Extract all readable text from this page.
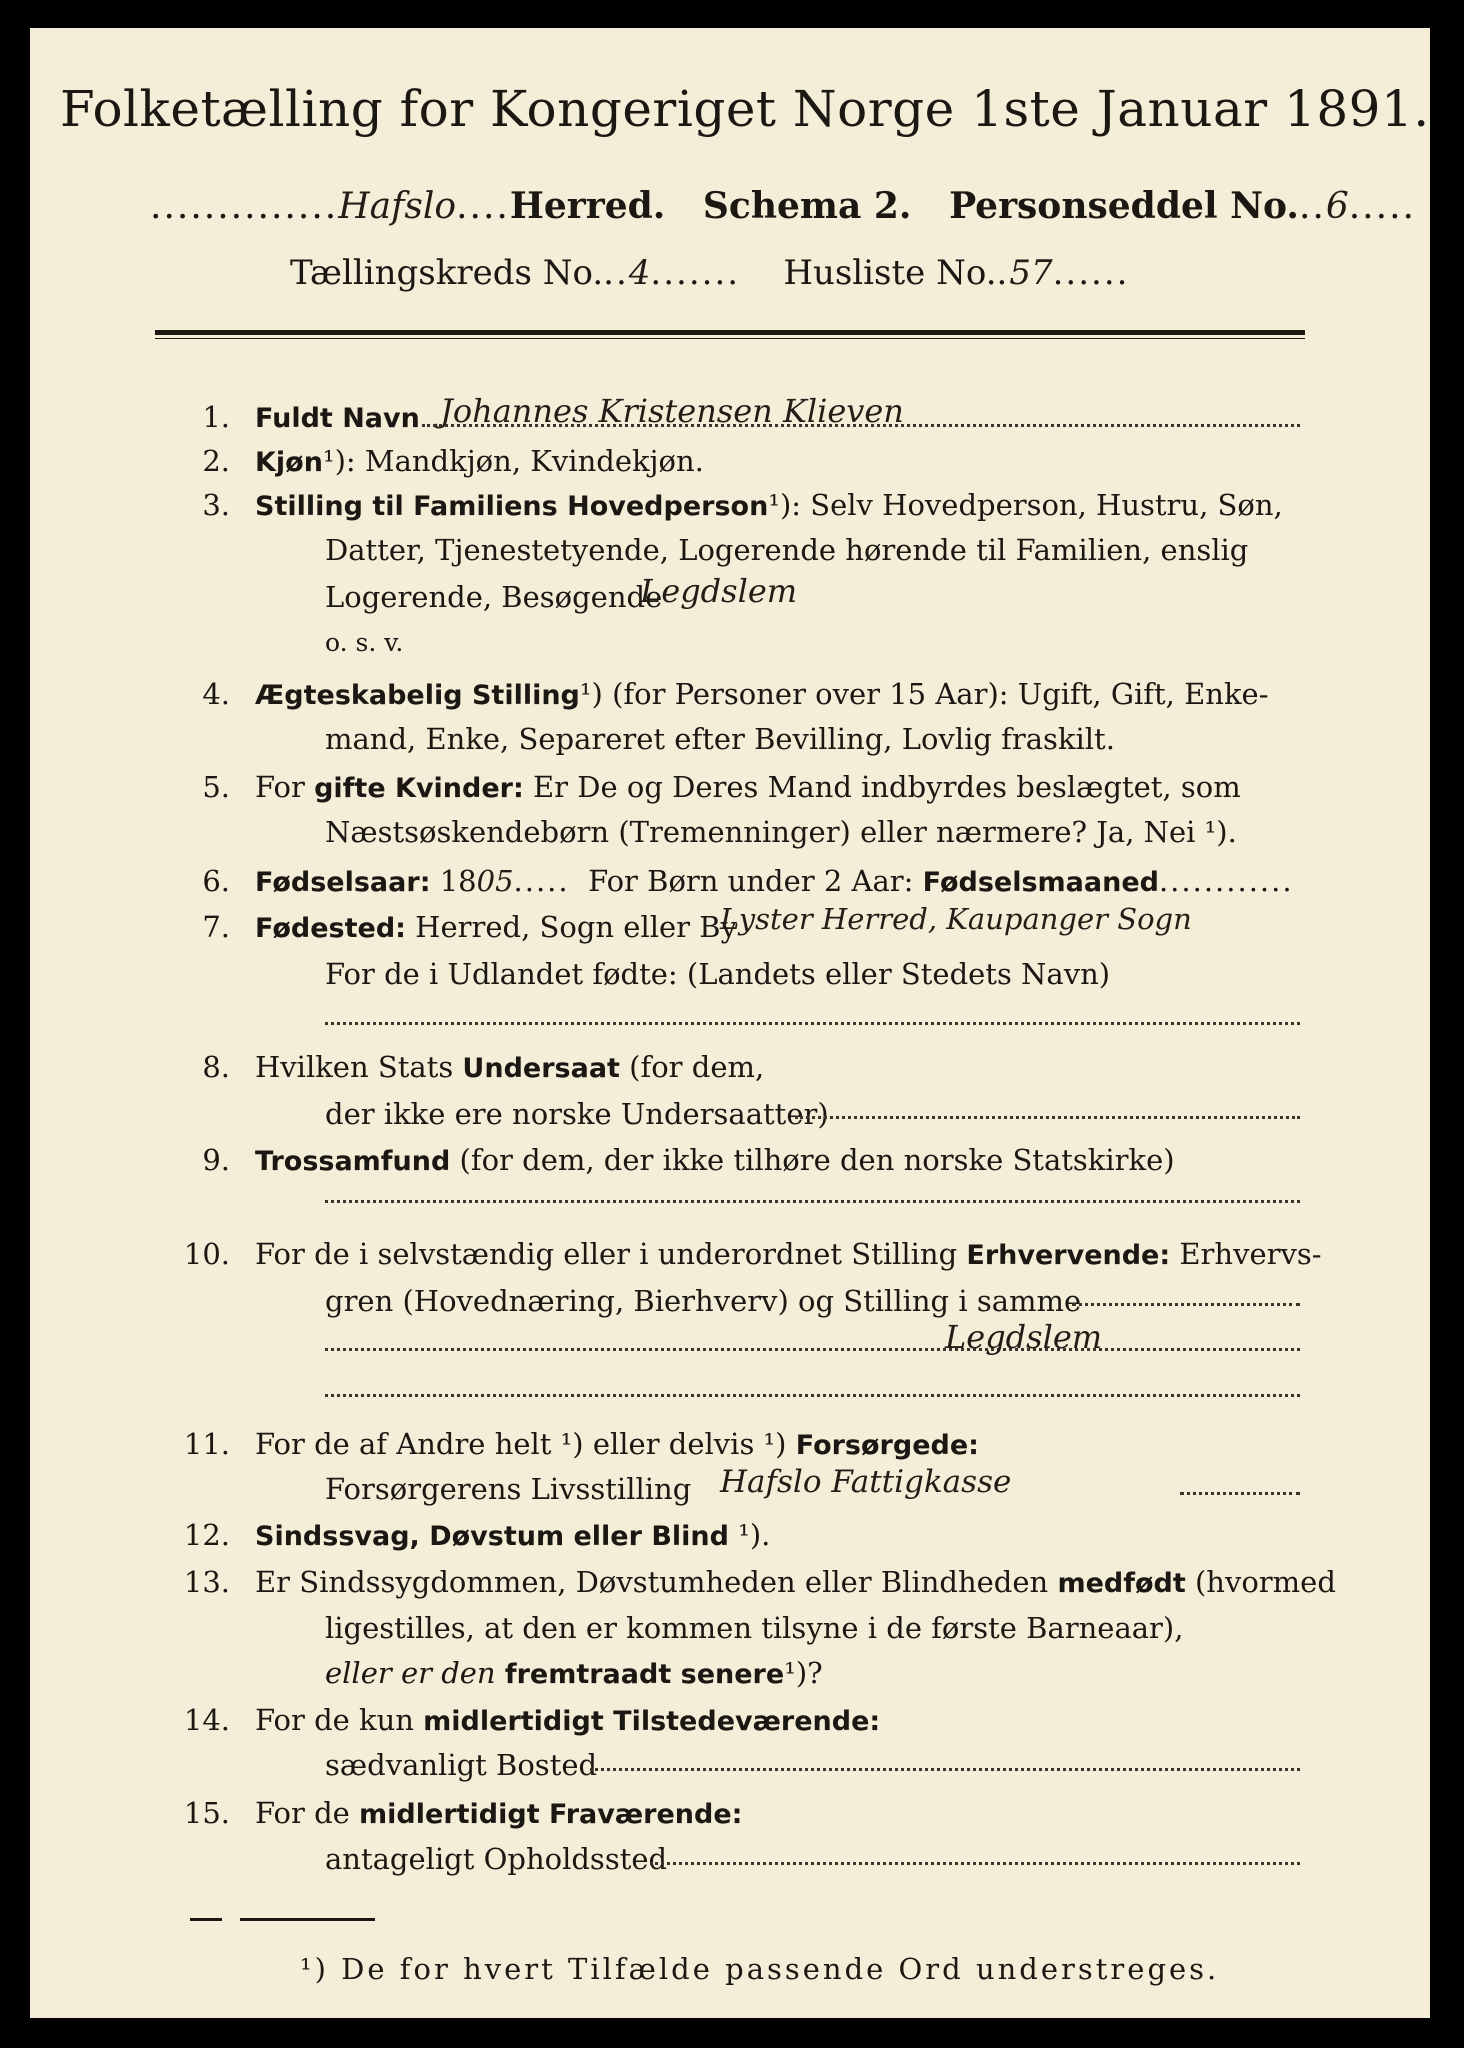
Folketælling for Kongeriget Norge 1ste Januar 1891.
..............Hafslo....Herred. Schema 2. Personseddel No...6.....
Tællingskreds No...4....... Husliste No..57......
1. Fuldt Navn Johannes Kristensen Klieven
2. Kjøn¹): Mandkjøn, Kvindekjøn.
3. Stilling til Familiens Hovedperson¹): Selv Hovedperson, Hustru, Søn,
Datter, Tjenestetyende, Logerende hørende til Familien, enslig
Logerende, Besøgende
Legdslem
o. s. v.
4. Ægteskabelig Stilling¹) (for Personer over 15 Aar): Ugift, Gift, Enke-
mand, Enke, Separeret efter Bevilling, Lovlig fraskilt.
5. For gifte Kvinder: Er De og Deres Mand indbyrdes beslægtet, som
Næstsøskendebørn (Tremenninger) eller nærmere? Ja, Nei ¹).
6. Fødselsaar: 1805..... For Børn under 2 Aar: Fødselsmaaned............
7. Fødested: Herred, Sogn eller By
Lyster Herred, Kaupanger Sogn
For de i Udlandet fødte: (Landets eller Stedets Navn)
8. Hvilken Stats Undersaat (for dem,
der ikke ere norske Undersaatter)
9. Trossamfund (for dem, der ikke tilhøre den norske Statskirke)
10. For de i selvstændig eller i underordnet Stilling Erhvervende: Erhvervs-
gren (Hovednæring, Bierhverv) og Stilling i samme
Legdslem
11. For de af Andre helt ¹) eller delvis ¹) Forsørgede:
Forsørgerens Livsstilling Hafslo Fattigkasse
12. Sindssvag, Døvstum eller Blind ¹).
13. Er Sindssygdommen, Døvstumheden eller Blindheden medfødt (hvormed
ligestilles, at den er kommen tilsyne i de første Barneaar),
eller er den fremtraadt senere¹)?
14. For de kun midlertidigt Tilstedeværende:
sædvanligt Bosted
15. For de midlertidigt Fraværende:
antageligt Opholdssted
¹) De for hvert Tilfælde passende Ord understreges.
